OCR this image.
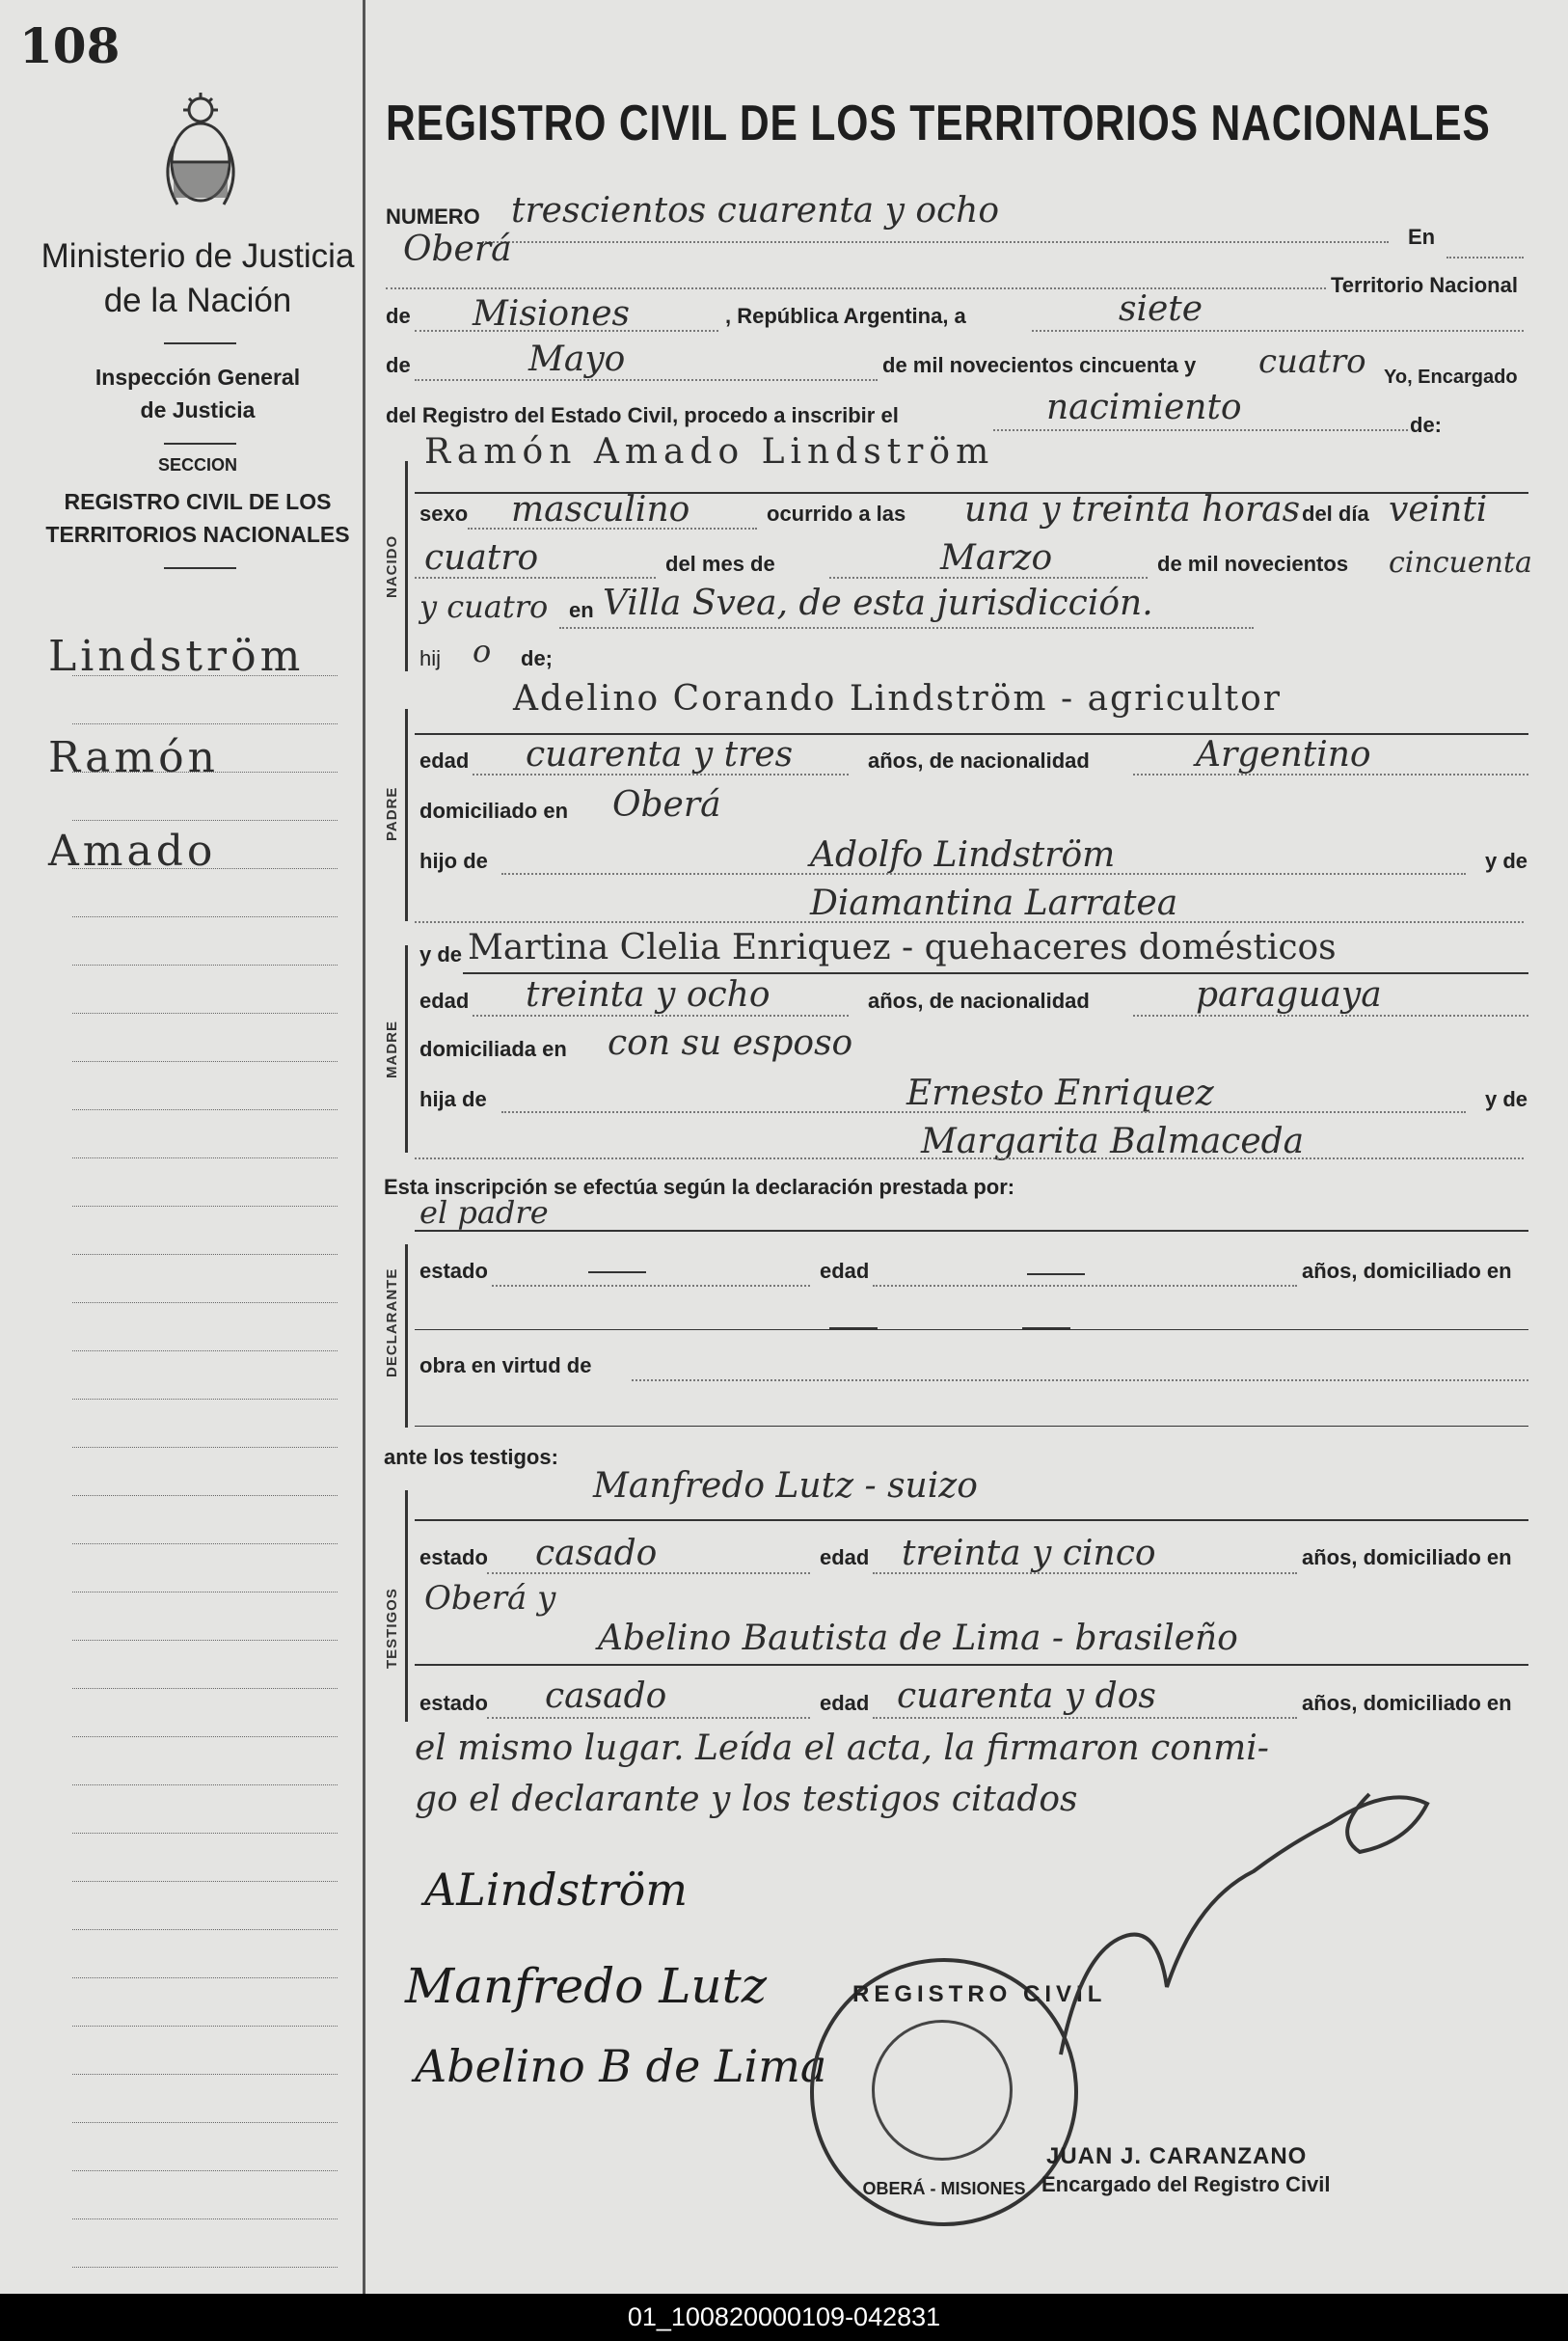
108
Ministerio de Justicia
de la Nación
Inspección General
de Justicia
SECCION
REGISTRO CIVIL DE LOS
TERRITORIOS NACIONALES
Lindström
Ramón
Amado
REGISTRO CIVIL DE LOS TERRITORIOS NACIONALES
NUMERO trescientos cuarenta y ocho
En
Oberá
Territorio Nacional
de Misiones	, República Argentina, a	siete
de	Mayo	de mil novecientos cincuenta y cuatro Yo, Encargado
del Registro del Estado Civil, procedo a inscribir el	nacimiento	de:
NACIDO
Ramón Amado Lindström
sexo masculino	ocurrido a las una y treinta horas del día veinti
cuatro	del mes de	Marzo	de mil novecientos cincuenta
y cuatro en Villa Svea, de esta jurisdicción.
hij o de;
PADRE
Adelino Corando Lindström - agricultor
edad cuarenta y tres	años, de nacionalidad	Argentino
domiciliado en Oberá
hijo de	Adolfo Lindström	y de
Diamantina Larratea
MADRE
y de Martina Clelia Enriquez - quehaceres domésticos
edad treinta y ocho	años, de nacionalidad	paraguaya
domiciliada en con su esposo
hija de	Ernesto Enriquez	y de
Margarita Balmaceda
Esta inscripción se efectúa según la declaración prestada por:
el padre
DECLARANTE estado	edad	años, domiciliado en
obra en virtud de
ante los testigos:
TESTIGOS
Manfredo Lutz - suizo
estado casado	edad treinta y cinco	años, domiciliado en
Oberá y
Abelino Bautista de Lima - brasileño
estado casado	edad cuarenta y dos	años, domiciliado en
el mismo lugar. Leída el acta, la firmaron conmi-
go el declarante y los testigos citados
ALindström
Manfredo Lutz
Abelino B de Lima
REGISTRO CIVIL
OBERÁ - MISIONES
JUAN J. CARANZANO
Encargado del Registro Civil
01_100820000109-042831
